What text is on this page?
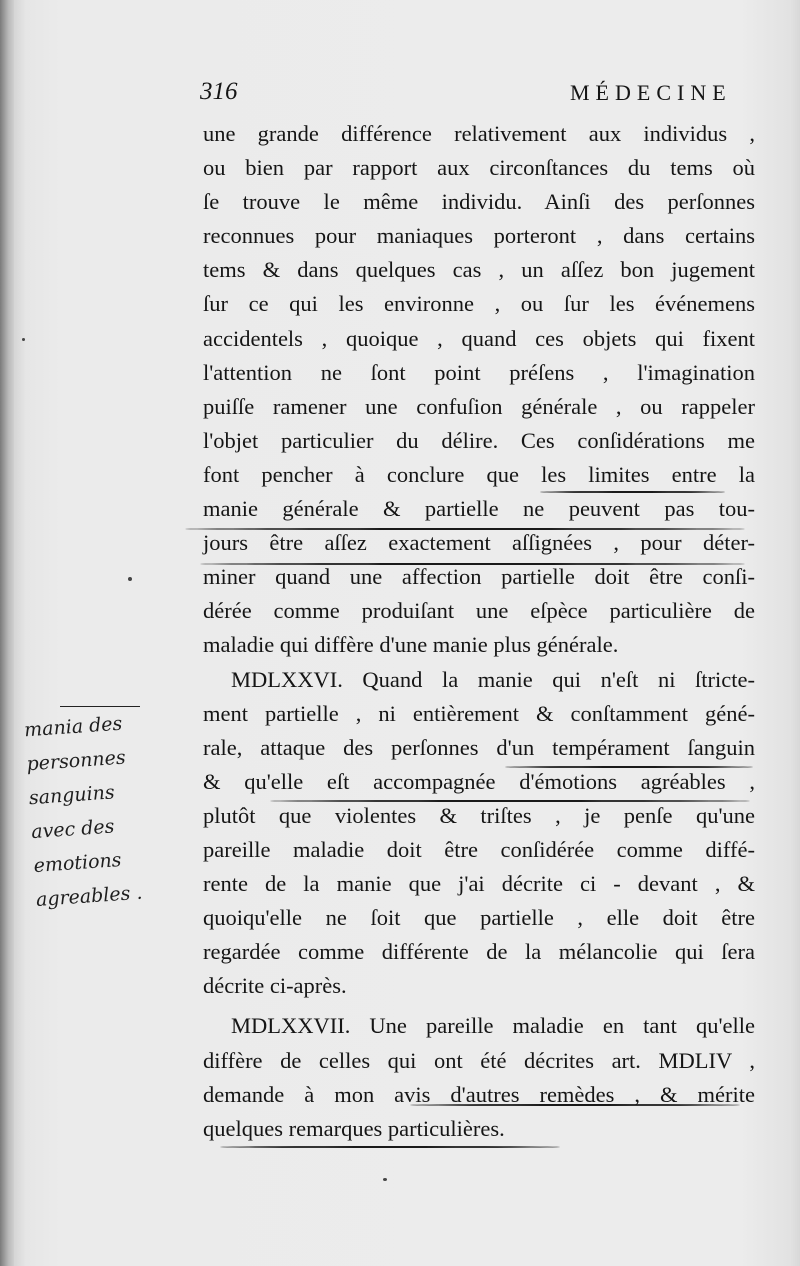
316	MÉDECINE
une grande différence relativement aux individus ,
ou bien par rapport aux circonſtances du tems où
ſe trouve le même individu. Ainſi des perſonnes
reconnues pour maniaques porteront , dans certains
tems & dans quelques cas , un aſſez bon jugement
ſur ce qui les environne , ou ſur les événemens
accidentels , quoique , quand ces objets qui fixent
l'attention ne ſont point préſens , l'imagination
puiſſe ramener une confuſion générale , ou rappeler
l'objet particulier du délire. Ces conſidérations me
font pencher à conclure que les limites entre la
manie générale & partielle ne peuvent pas tou-
jours être aſſez exactement aſſignées , pour déter-
miner quand une affection partielle doit être conſi-
dérée comme produiſant une eſpèce particulière de
maladie qui diffère d'une manie plus générale.
MDLXXVI. Quand la manie qui n'eſt ni ſtricte-
ment partielle , ni entièrement & conſtamment géné-
rale, attaque des perſonnes d'un tempérament ſanguin
& qu'elle eſt accompagnée d'émotions agréables ,
plutôt que violentes & triſtes , je penſe qu'une
pareille maladie doit être conſidérée comme diffé-
rente de la manie que j'ai décrite ci - devant , &
quoiqu'elle ne ſoit que partielle , elle doit être
regardée comme différente de la mélancolie qui ſera
décrite ci-après.
MDLXXVII. Une pareille maladie en tant qu'elle
diffère de celles qui ont été décrites art. MDLIV ,
demande à mon avis d'autres remèdes , & mérite
quelques remarques particulières.
mania des
personnes
sanguins
avec des
emotions
agreables .
